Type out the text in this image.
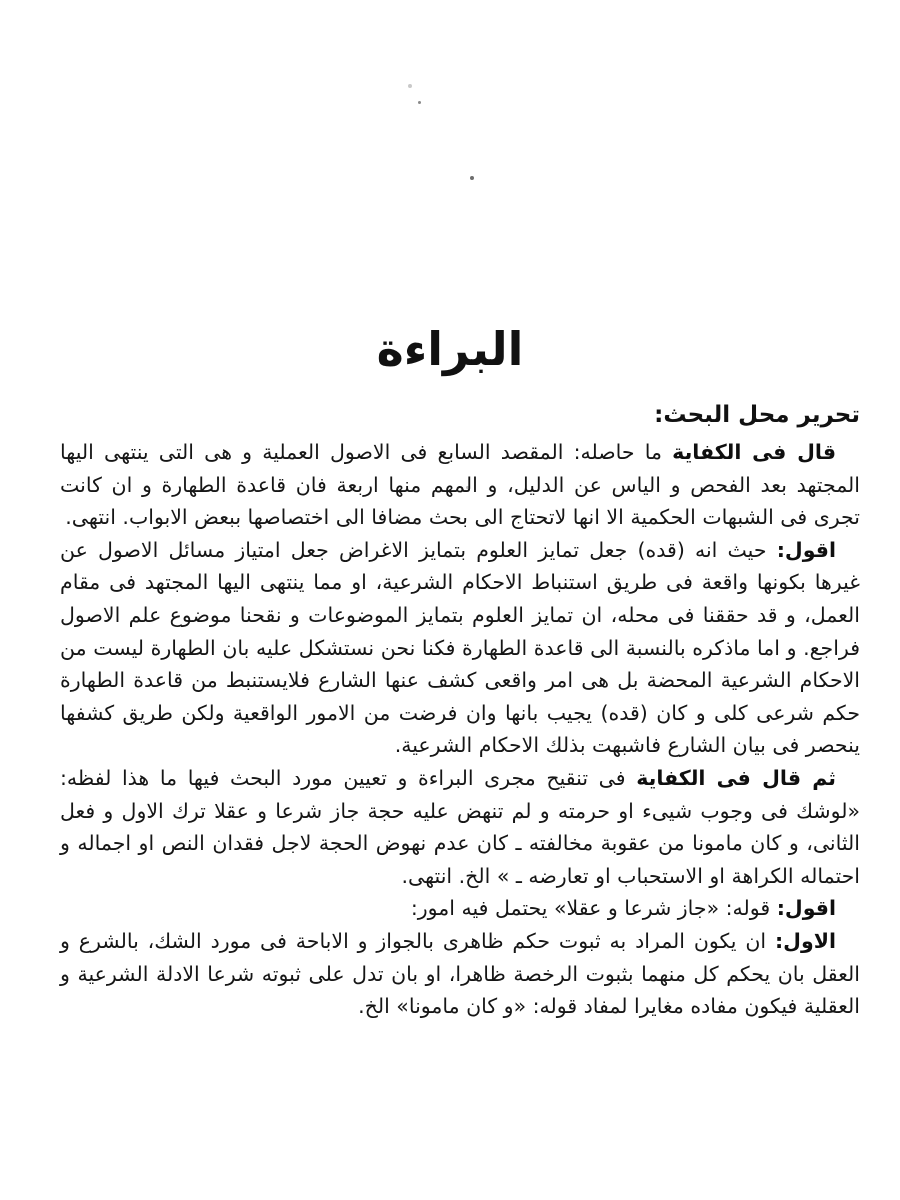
البراءة
تحرير محل البحث:

قال فى الكفاية ما حاصله: المقصد السابع فى الاصول العملية و هى التى ينتهى اليها المجتهد بعد الفحص و الياس عن الدليل، و المهم منها اربعة فان قاعدة الطهارة و ان كانت تجرى فى الشبهات الحكمية الا انها لاتحتاج الى بحث مضافا الى اختصاصها ببعض الابواب. انتهى.

اقول: حيث انه (قده) جعل تمايز العلوم بتمايز الاغراض جعل امتياز مسائل الاصول عن غيرها بكونها واقعة فى طريق استنباط الاحكام الشرعية، او مما ينتهى اليها المجتهد فى مقام العمل، و قد حققنا فى محله، ان تمايز العلوم بتمايز الموضوعات و نقحنا موضوع علم الاصول فراجع. و اما ماذكره بالنسبة الى قاعدة الطهارة فكنا نحن نستشكل عليه بان الطهارة ليست من الاحكام الشرعية المحضة بل هى امر واقعى كشف عنها الشارع فلايستنبط من قاعدة الطهارة حكم شرعى كلى و كان (قده) يجيب بانها وان فرضت من الامور الواقعية ولكن طريق كشفها ينحصر فى بيان الشارع فاشبهت بذلك الاحكام الشرعية.

ثم قال فى الكفاية فى تنقيح مجرى البراءة و تعيين مورد البحث فيها ما هذا لفظه: «لوشك فى وجوب شيىء او حرمته و لم تنهض عليه حجة جاز شرعا و عقلا ترك الاول و فعل الثانى، و كان مامونا من عقوبة مخالفته ـ كان عدم نهوض الحجة لاجل فقدان النص او اجماله و احتماله الكراهة او الاستحباب او تعارضه ـ » الخ. انتهى.

اقول: قوله: «جاز شرعا و عقلا» يحتمل فيه امور:

الاول: ان يكون المراد به ثبوت حكم ظاهرى بالجواز و الاباحة فى مورد الشك، بالشرع و العقل بان يحكم كل منهما بثبوت الرخصة ظاهرا، او بان تدل على ثبوته شرعا الادلة الشرعية و العقلية فيكون مفاده مغايرا لمفاد قوله: «و كان مامونا» الخ.
